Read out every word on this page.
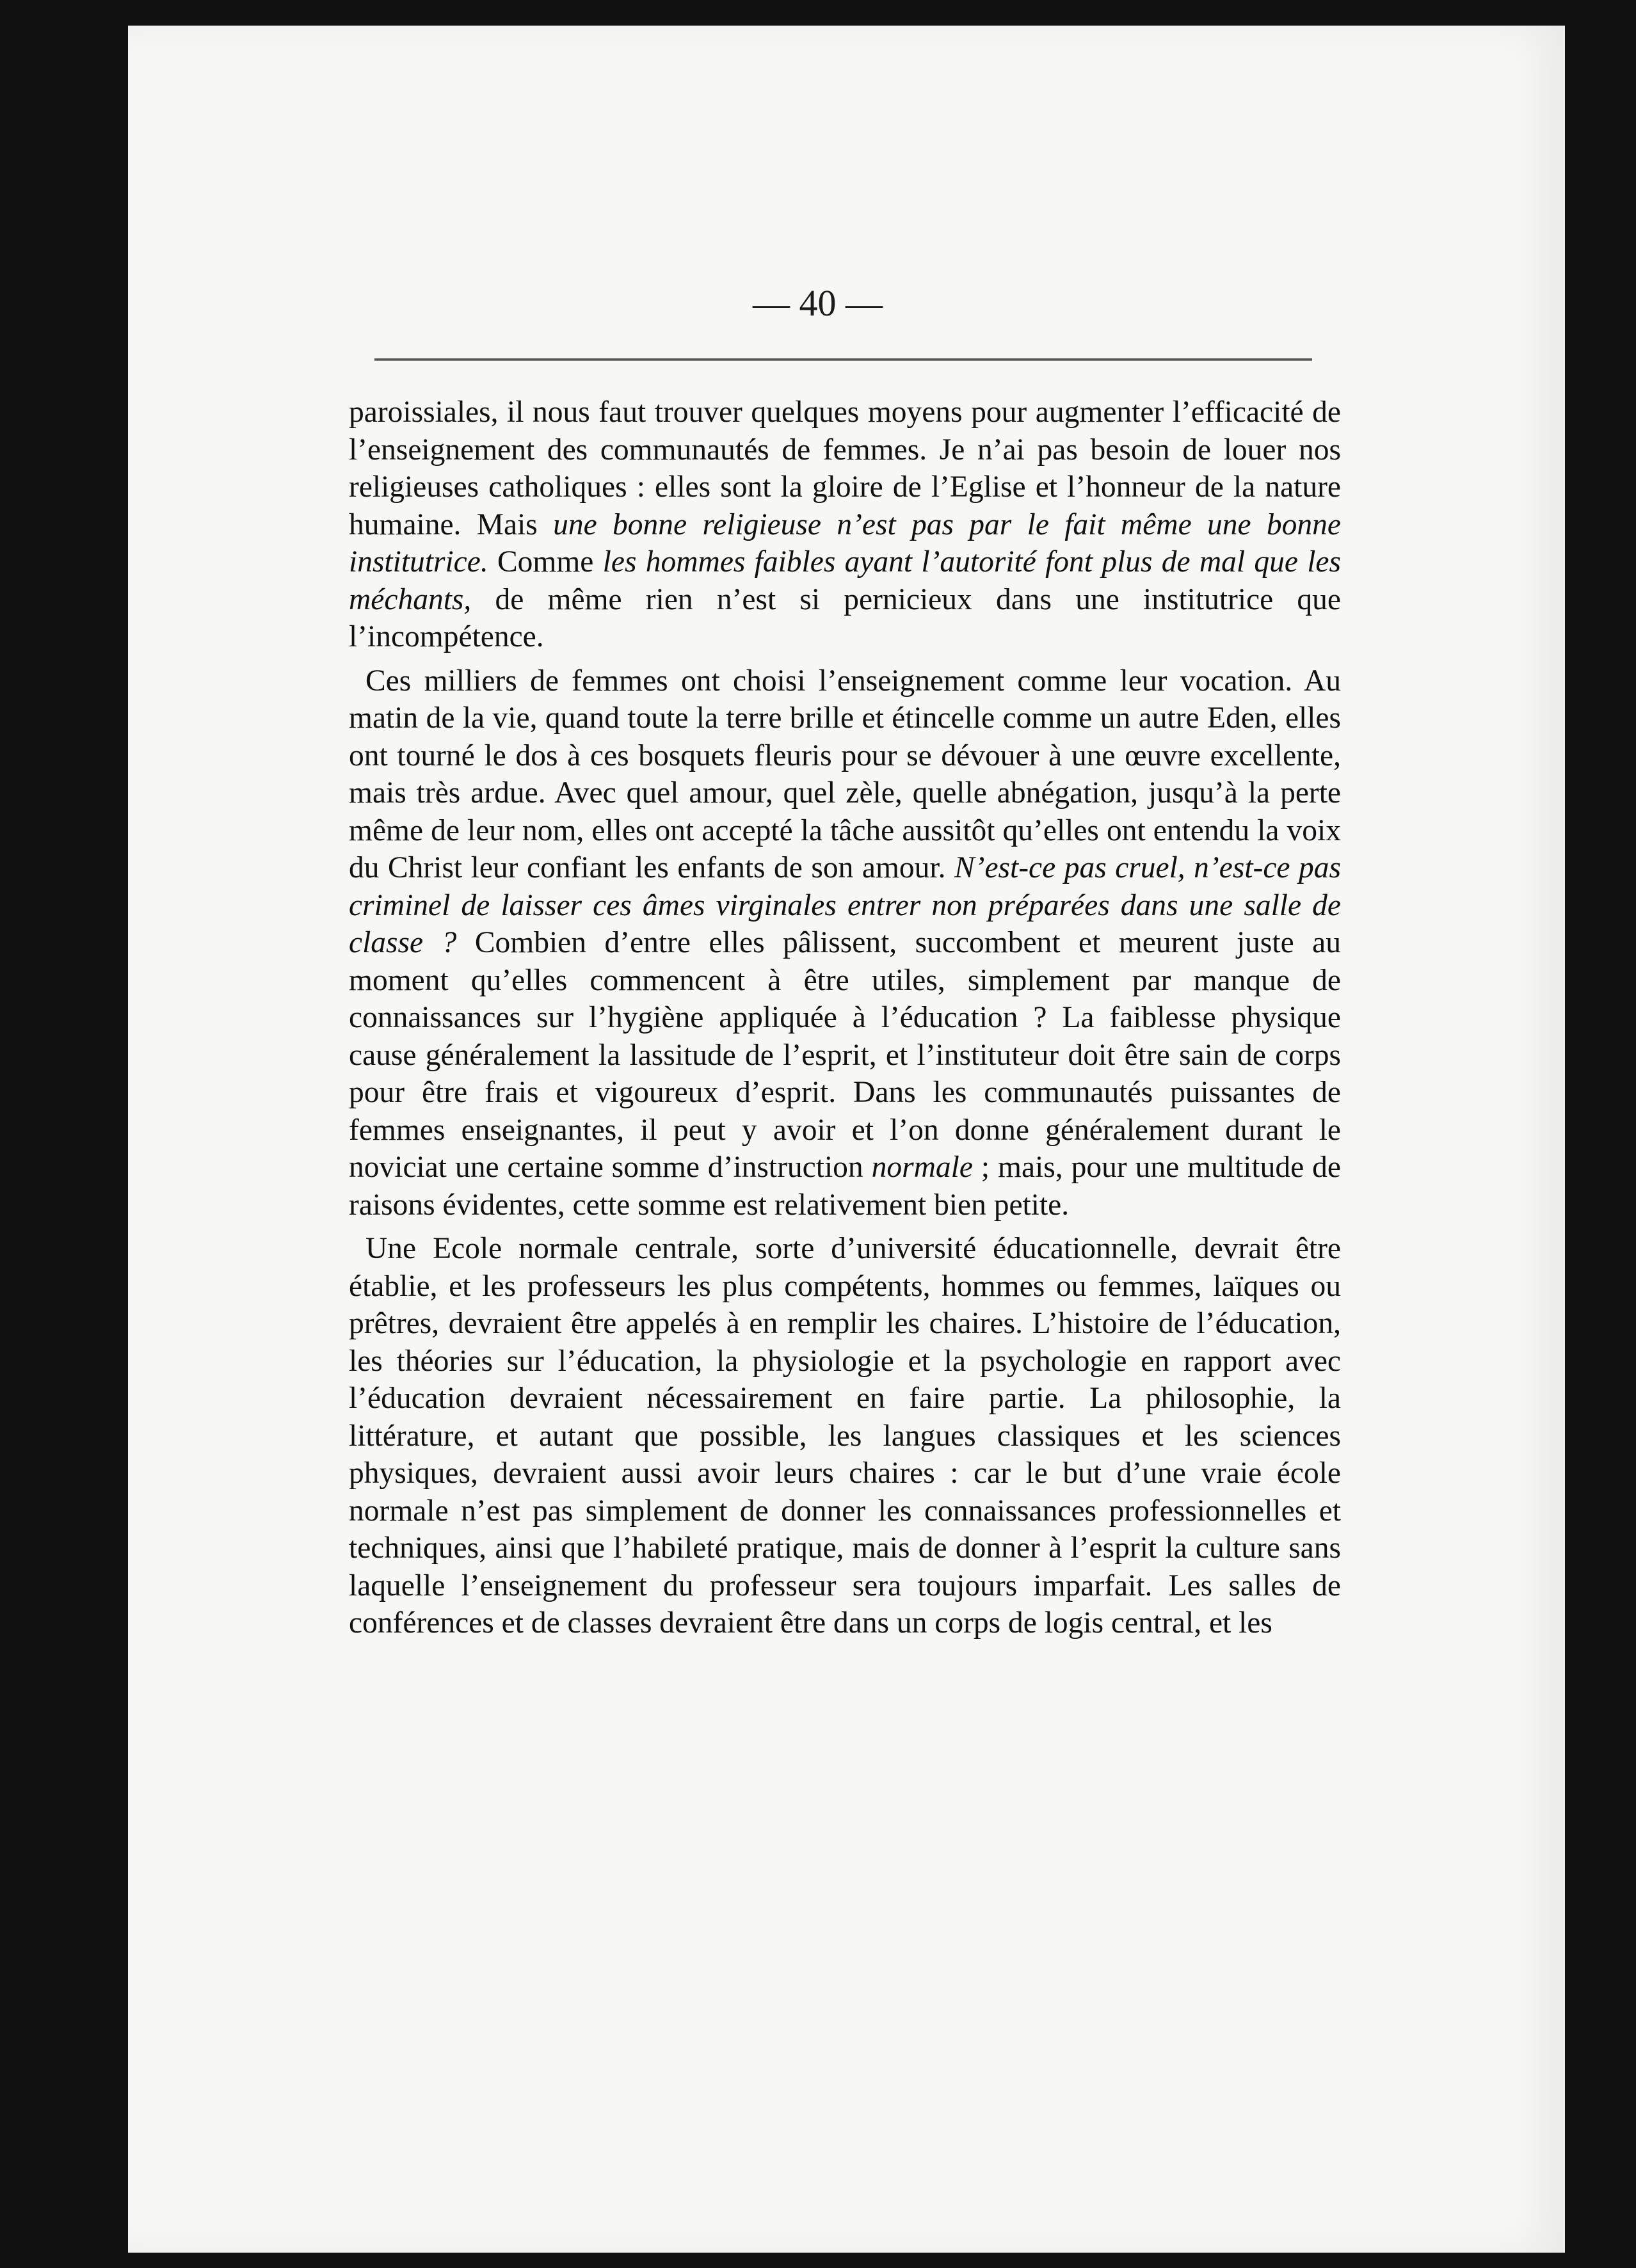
— 40 —

paroissiales, il nous faut trouver quelques moyens pour augmenter l’efficacité de l’enseignement des communautés de femmes. Je n’ai pas besoin de louer nos religieuses catholiques : elles sont la gloire de l’Eglise et l’honneur de la nature humaine. Mais une bonne religieuse n’est pas par le fait même une bonne institutrice. Comme les hommes faibles ayant l’autorité font plus de mal que les méchants, de même rien n’est si pernicieux dans une institutrice que l’incompétence.

Ces milliers de femmes ont choisi l’enseignement comme leur vocation. Au matin de la vie, quand toute la terre brille et étincelle comme un autre Eden, elles ont tourné le dos à ces bosquets fleuris pour se dévouer à une œuvre excellente, mais très ardue. Avec quel amour, quel zèle, quelle abnégation, jusqu’à la perte même de leur nom, elles ont accepté la tâche aussitôt qu’elles ont entendu la voix du Christ leur confiant les enfants de son amour. N’est-ce pas cruel, n’est-ce pas criminel de laisser ces âmes virginales entrer non préparées dans une salle de classe ? Combien d’entre elles pâlissent, succombent et meurent juste au moment qu’elles commencent à être utiles, simplement par manque de connaissances sur l’hygiène appliquée à l’éducation ? La faiblesse physique cause généralement la lassitude de l’esprit, et l’instituteur doit être sain de corps pour être frais et vigoureux d’esprit. Dans les communautés puissantes de femmes enseignantes, il peut y avoir et l’on donne généralement durant le noviciat une certaine somme d’instruction normale ; mais, pour une multitude de raisons évidentes, cette somme est relativement bien petite.

Une Ecole normale centrale, sorte d’université éducationnelle, devrait être établie, et les professeurs les plus compétents, hommes ou femmes, laïques ou prêtres, devraient être appelés à en remplir les chaires. L’histoire de l’éducation, les théories sur l’éducation, la physiologie et la psychologie en rapport avec l’éducation devraient nécessairement en faire partie. La philosophie, la littérature, et autant que possible, les langues classiques et les sciences physiques, devraient aussi avoir leurs chaires : car le but d’une vraie école normale n’est pas simplement de donner les connaissances professionnelles et techniques, ainsi que l’habileté pratique, mais de donner à l’esprit la culture sans laquelle l’enseignement du professeur sera toujours imparfait. Les salles de conférences et de classes devraient être dans un corps de logis central, et les
